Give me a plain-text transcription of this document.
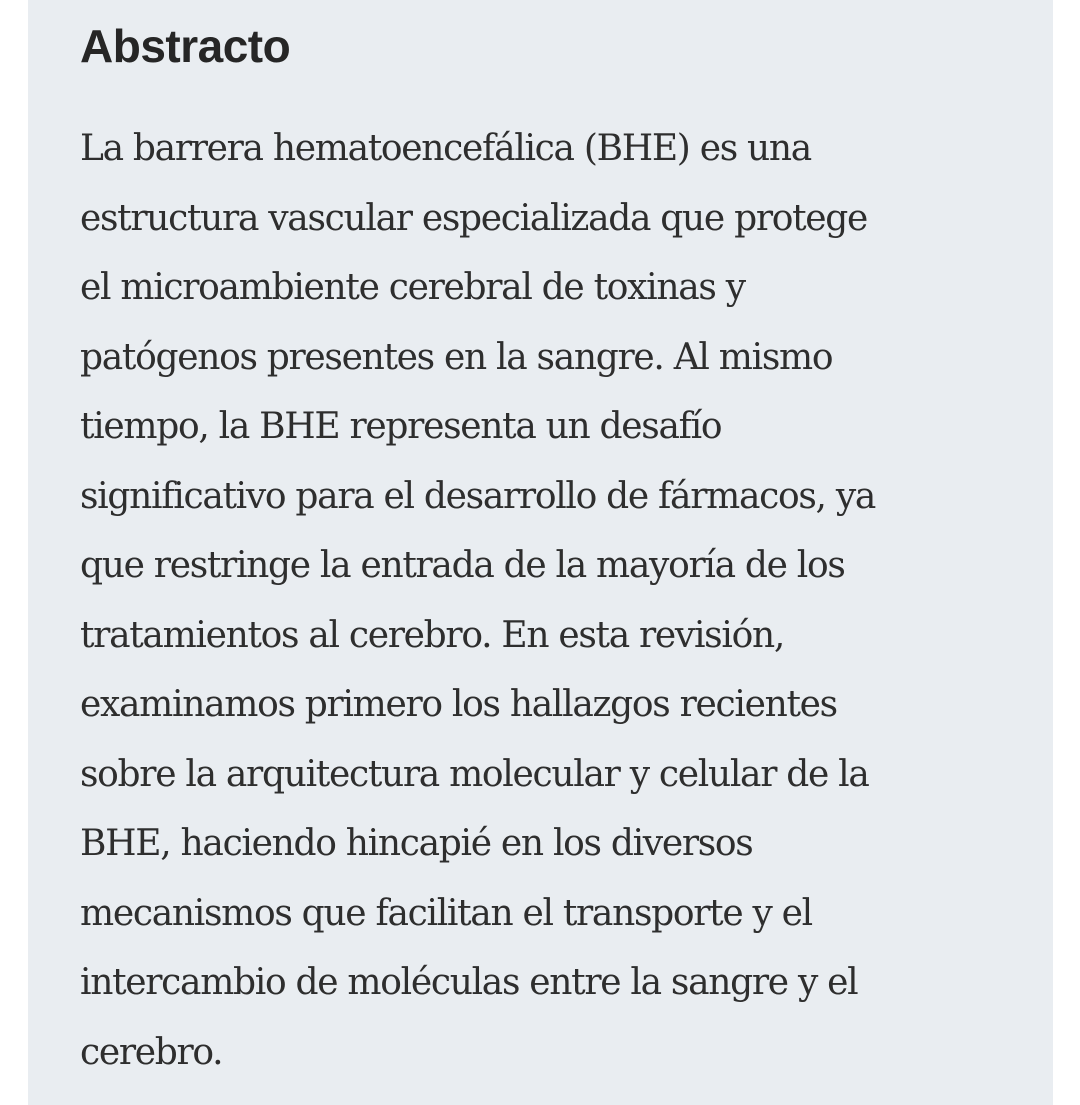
Abstracto

La barrera hematoencefálica (BHE) es una
estructura vascular especializada que protege
el microambiente cerebral de toxinas y
patógenos presentes en la sangre. Al mismo
tiempo, la BHE representa un desafío
significativo para el desarrollo de fármacos, ya
que restringe la entrada de la mayoría de los
tratamientos al cerebro. En esta revisión,
examinamos primero los hallazgos recientes
sobre la arquitectura molecular y celular de la
BHE, haciendo hincapié en los diversos
mecanismos que facilitan el transporte y el
intercambio de moléculas entre la sangre y el
cerebro.
